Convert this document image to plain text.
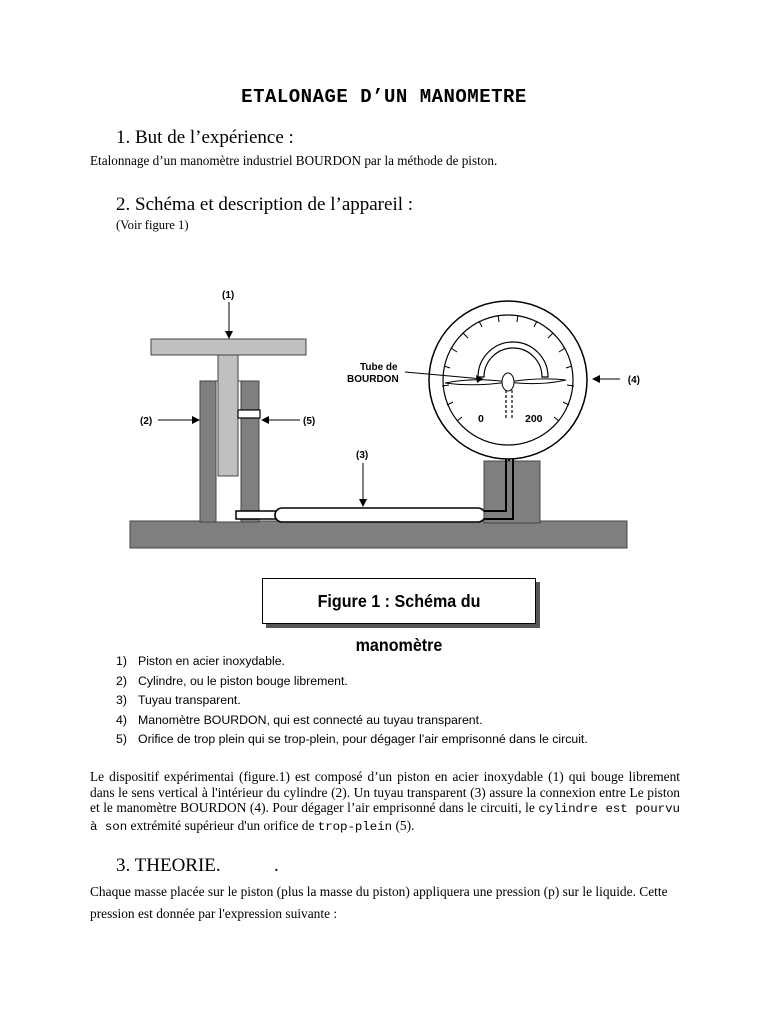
ETALONAGE D’UN MANOMETRE
1. But de l’expérience :
Etalonnage d’un manomètre industriel BOURDON par la méthode de piston.
2. Schéma et description de l’appareil :
(Voir figure 1)
0	200
Tube de
BOURDON
(1)
(2)	(5)
(3)
(4)
Figure 1 : Schéma du manomètre
1) Piston en acier inoxydable.
2) Cylindre, ou le piston bouge librement.
3) Tuyau transparent.
4) Manomètre BOURDON, qui est connecté au tuyau transparent.
5) Orifice de trop plein qui se trop-plein, pour dégager l’air emprisonné dans le circuit.
Le dispositif expérimentai (figure.1) est composé d’un piston en acier inoxydable (1) qui bouge librement dans le sens vertical à l'intérieur du cylindre (2). Un tuyau transparent (3) assure la connexion entre Le piston et le manomètre BOURDON (4). Pour dégager l’air emprisonné dans le circuiti, le cylindre est pourvu à son extrémité supérieur d'un orifice de trop-plein (5).
3. THEORIE.	.
Chaque masse placée sur le piston (plus la masse du piston) appliquera une pression (p) sur le liquide. Cette pression est donnée par l'expression suivante :
